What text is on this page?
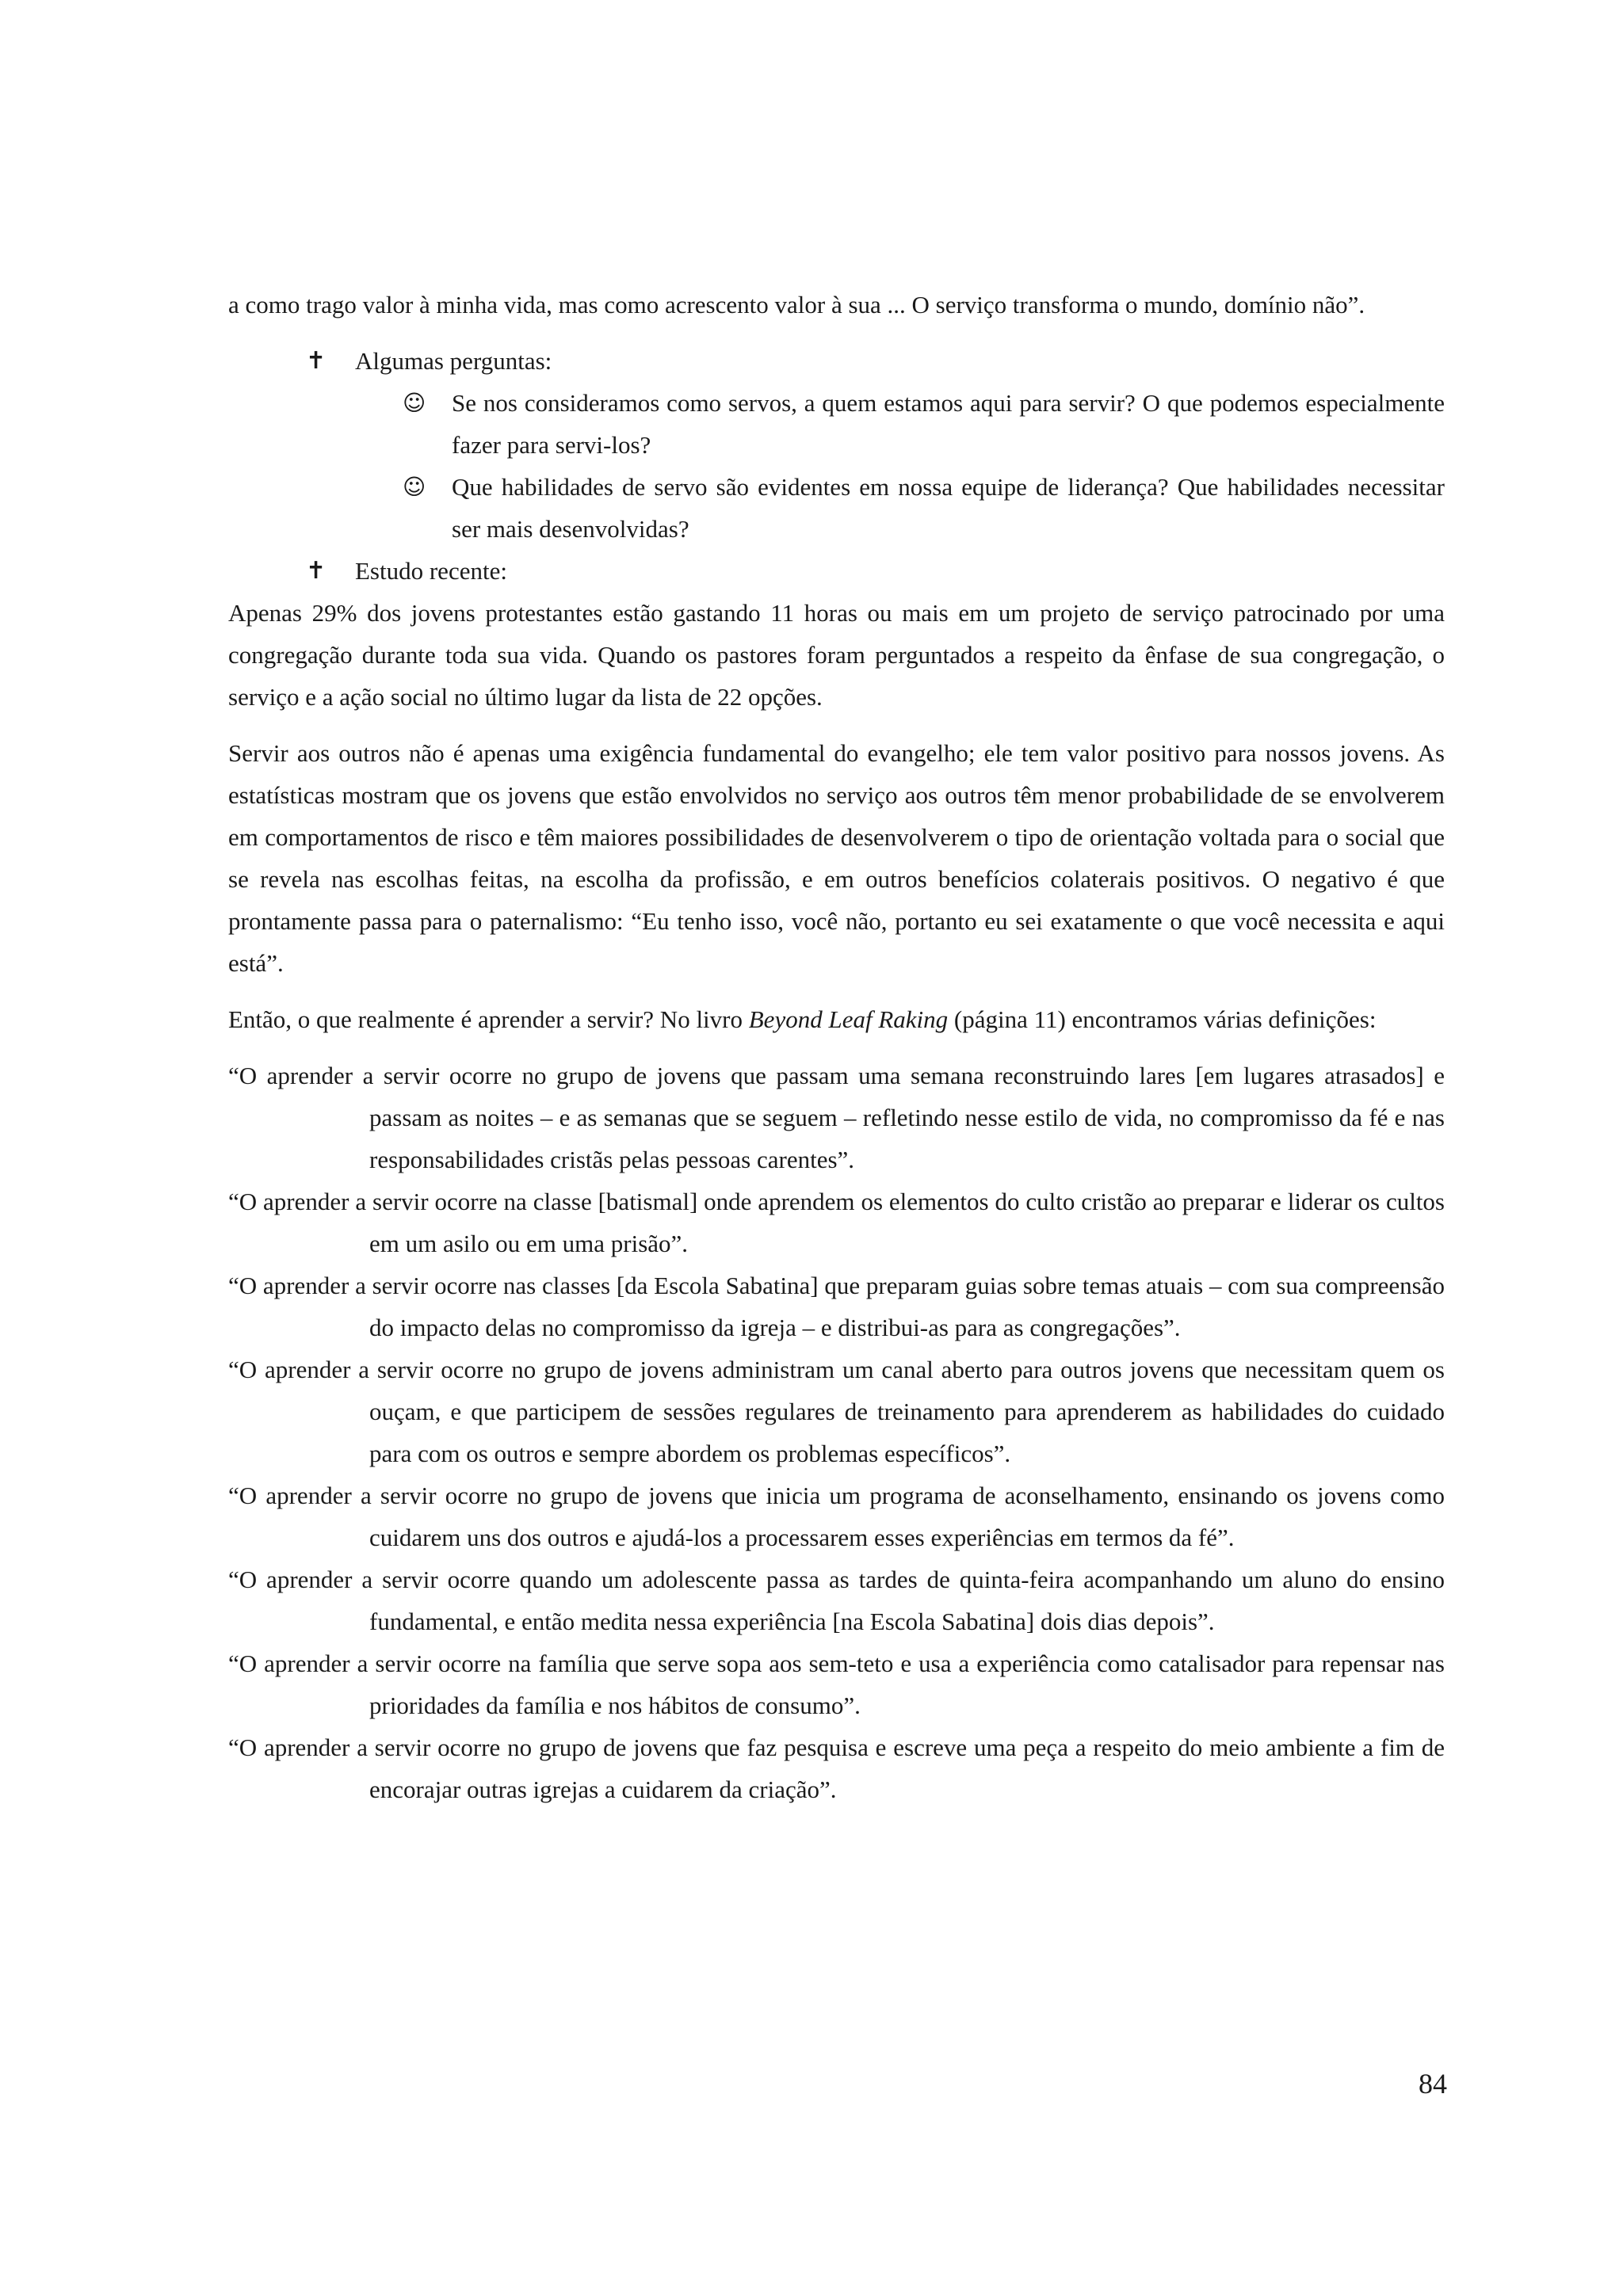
a como trago valor à minha vida, mas como acrescento valor à sua ... O serviço transforma o mundo, domínio não”.

✝ Algumas perguntas:
☺ Se nos consideramos como servos, a quem estamos aqui para servir? O que podemos especialmente fazer para servi-los?
☺ Que habilidades de servo são evidentes em nossa equipe de liderança? Que habilidades necessitar ser mais desenvolvidas?
✝ Estudo recente:

Apenas 29% dos jovens protestantes estão gastando 11 horas ou mais em um projeto de serviço patrocinado por uma congregação durante toda sua vida. Quando os pastores foram perguntados a respeito da ênfase de sua congregação, o serviço e a ação social no último lugar da lista de 22 opções.

Servir aos outros não é apenas uma exigência fundamental do evangelho; ele tem valor positivo para nossos jovens. As estatísticas mostram que os jovens que estão envolvidos no serviço aos outros têm menor probabilidade de se envolverem em comportamentos de risco e têm maiores possibilidades de desenvolverem o tipo de orientação voltada para o social que se revela nas escolhas feitas, na escolha da profissão, e em outros benefícios colaterais positivos. O negativo é que prontamente passa para o paternalismo: “Eu tenho isso, você não, portanto eu sei exatamente o que você necessita e aqui está”.

Então, o que realmente é aprender a servir? No livro Beyond Leaf Raking (página 11) encontramos várias definições:

“O aprender a servir ocorre no grupo de jovens que passam uma semana reconstruindo lares [em lugares atrasados] e passam as noites – e as semanas que se seguem – refletindo nesse estilo de vida, no compromisso da fé e nas responsabilidades cristãs pelas pessoas carentes”.

“O aprender a servir ocorre na classe [batismal] onde aprendem os elementos do culto cristão ao preparar e liderar os cultos em um asilo ou em uma prisão”.

“O aprender a servir ocorre nas classes [da Escola Sabatina] que preparam guias sobre temas atuais – com sua compreensão do impacto delas no compromisso da igreja – e distribui-as para as congregações”.

“O aprender a servir ocorre no grupo de jovens administram um canal aberto para outros jovens que necessitam quem os ouçam, e que participem de sessões regulares de treinamento para aprenderem as habilidades do cuidado para com os outros e sempre abordem os problemas específicos”.

“O aprender a servir ocorre no grupo de jovens que inicia um programa de aconselhamento, ensinando os jovens como cuidarem uns dos outros e ajudá-los a processarem esses experiências em termos da fé”.

“O aprender a servir ocorre quando um adolescente passa as tardes de quinta-feira acompanhando um aluno do ensino fundamental, e então medita nessa experiência [na Escola Sabatina] dois dias depois”.

“O aprender a servir ocorre na família que serve sopa aos sem-teto e usa a experiência como catalisador para repensar nas prioridades da família e nos hábitos de consumo”.

“O aprender a servir ocorre no grupo de jovens que faz pesquisa e escreve uma peça a respeito do meio ambiente a fim de encorajar outras igrejas a cuidarem da criação”.

84
